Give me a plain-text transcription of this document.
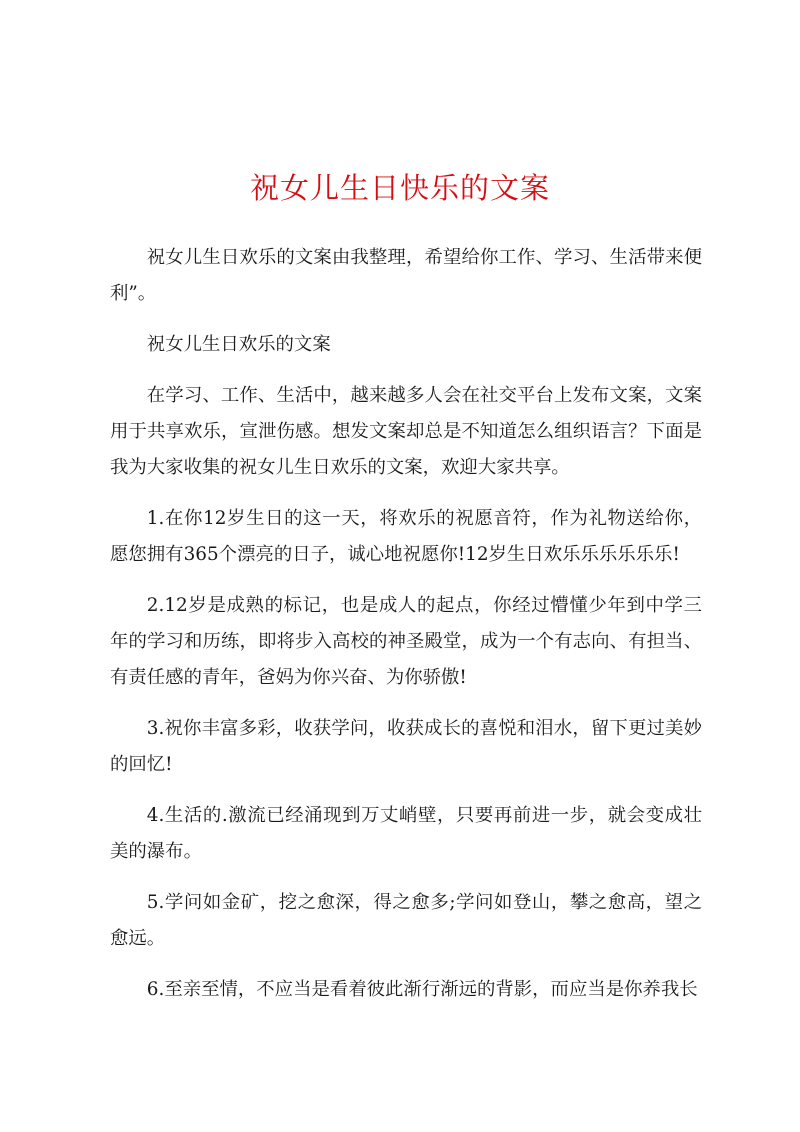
祝女儿生日快乐的文案

祝女儿生日欢乐的文案由我整理，希望给你工作、学习、生活带来便利”。

祝女儿生日欢乐的文案

在学习、工作、生活中，越来越多人会在社交平台上发布文案，文案用于共享欢乐，宣泄伤感。想发文案却总是不知道怎么组织语言？下面是我为大家收集的祝女儿生日欢乐的文案，欢迎大家共享。

1.在你12岁生日的这一天，将欢乐的祝愿音符，作为礼物送给你，愿您拥有365个漂亮的日子，诚心地祝愿你!12岁生日欢乐乐乐乐乐乐!

2.12岁是成熟的标记，也是成人的起点，你经过懵懂少年到中学三年的学习和历练，即将步入高校的神圣殿堂，成为一个有志向、有担当、有责任感的青年，爸妈为你兴奋、为你骄傲!

3.祝你丰富多彩，收获学问，收获成长的喜悦和泪水，留下更过美妙的回忆!

4.生活的.激流已经涌现到万丈峭壁，只要再前进一步，就会变成壮美的瀑布。

5.学问如金矿，挖之愈深，得之愈多;学问如登山，攀之愈高，望之愈远。

6.至亲至情，不应当是看着彼此渐行渐远的背影，而应当是你养我长
